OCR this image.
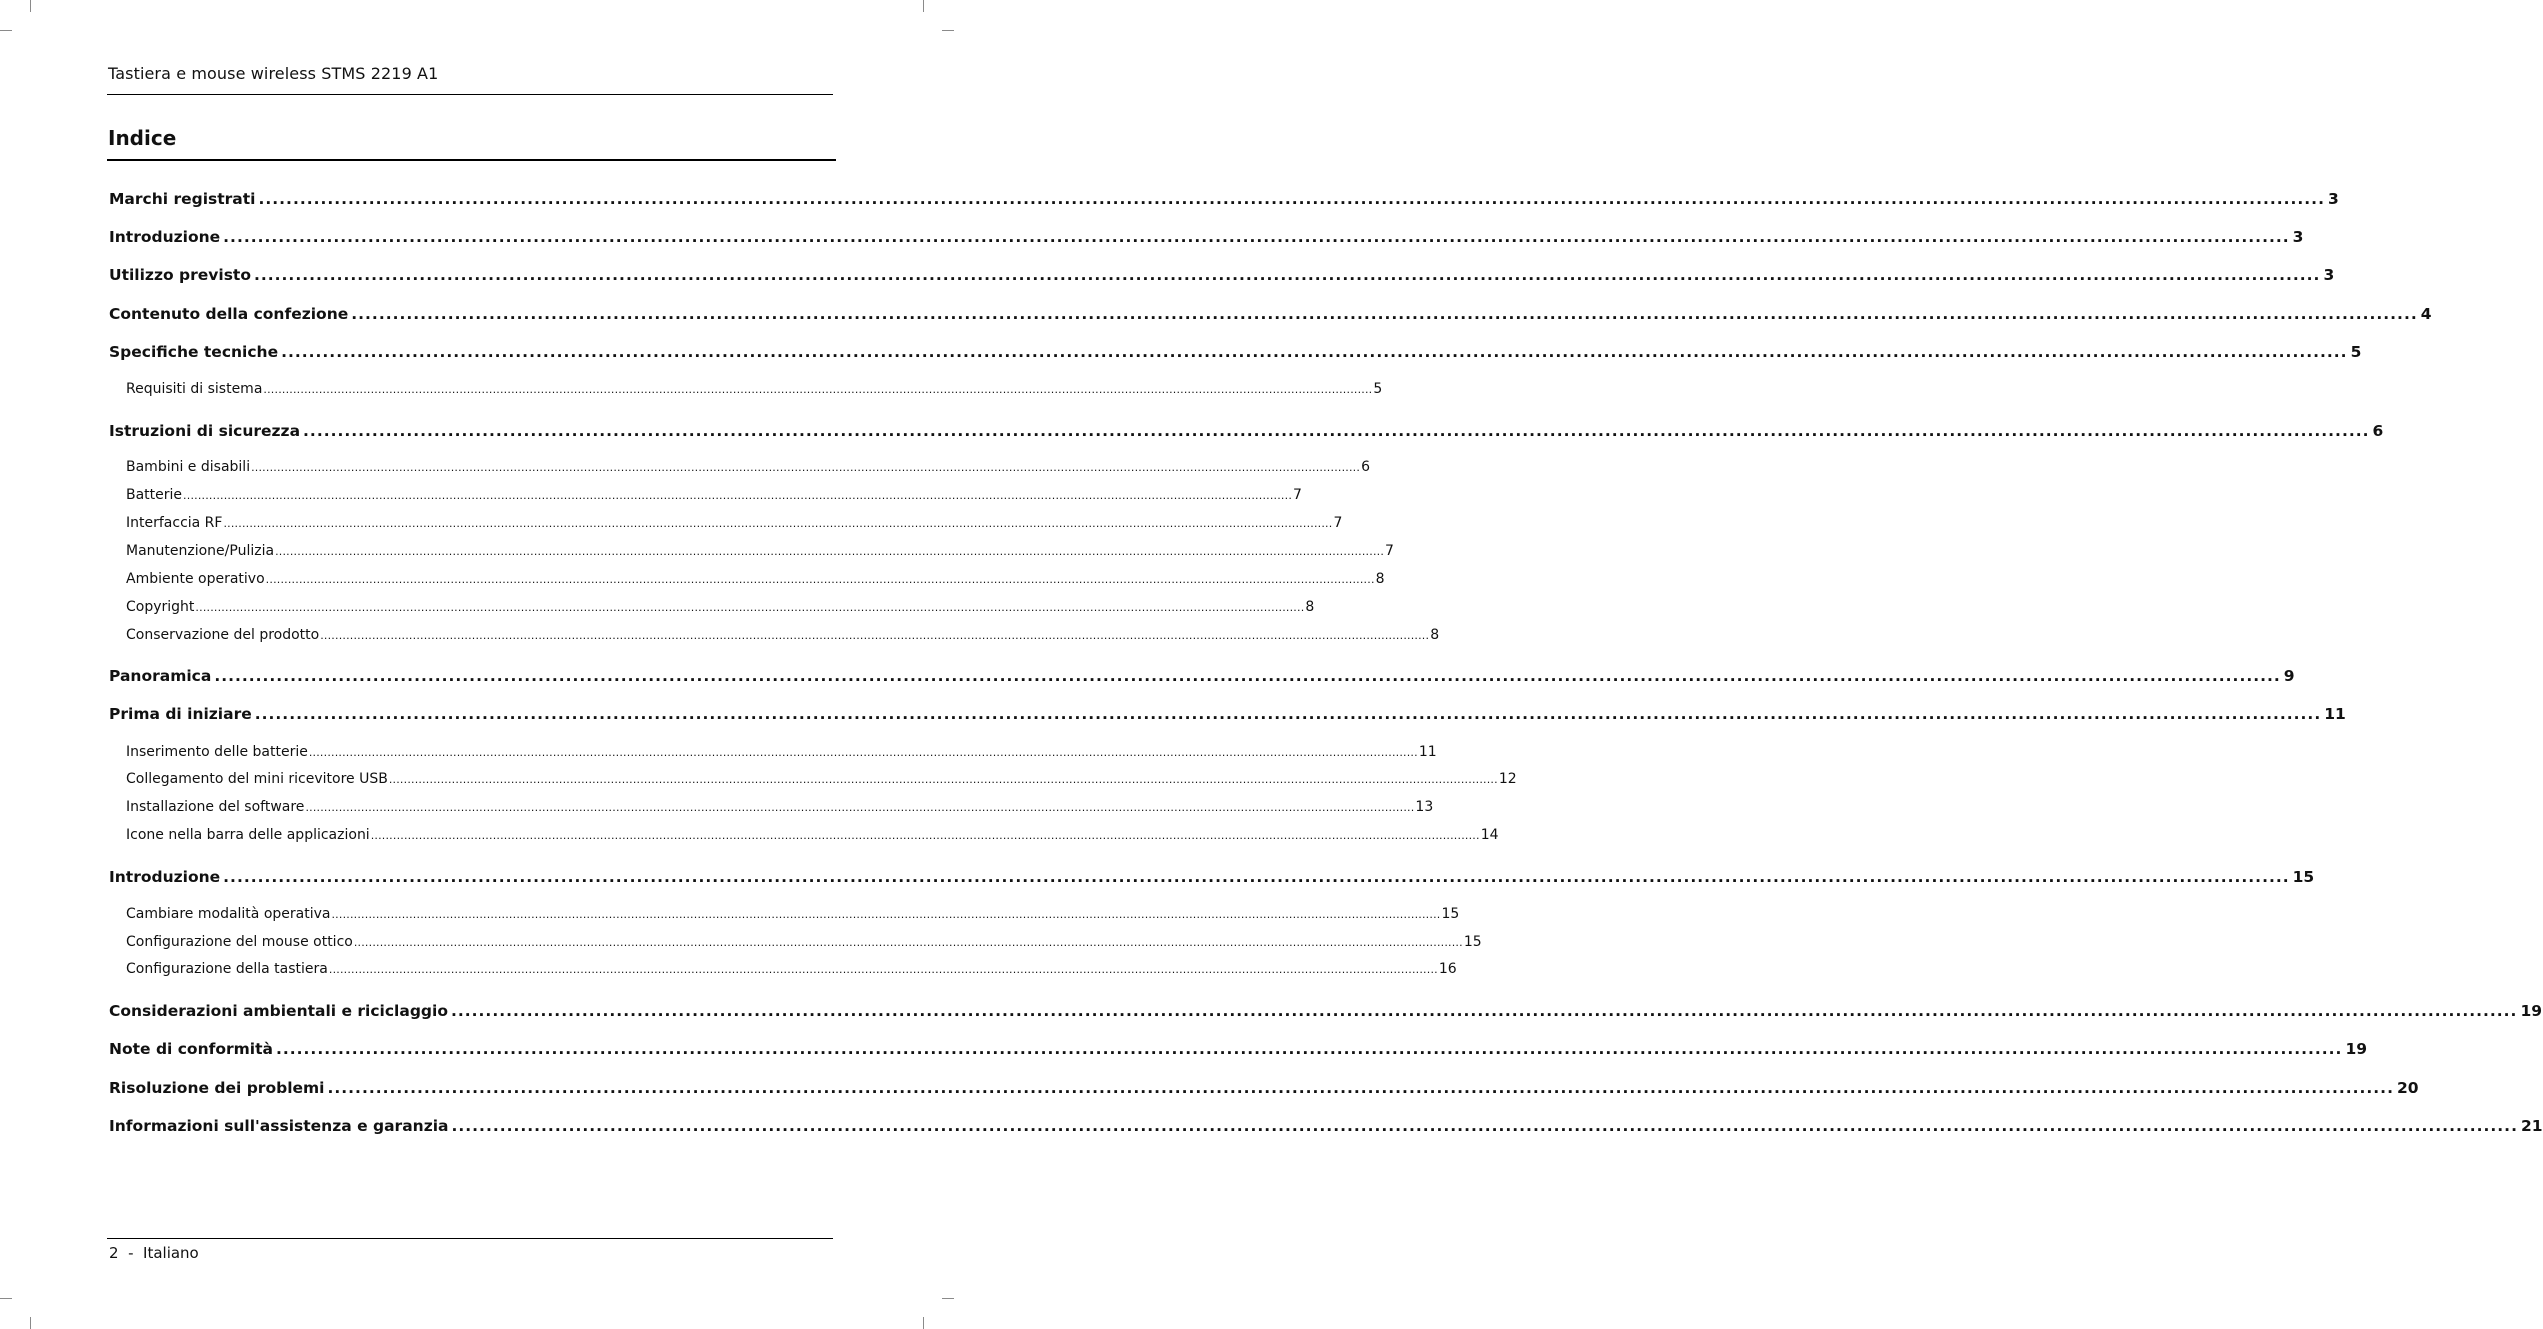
Tastiera e mouse wireless STMS 2219 A1
Indice

Marchi registrati ............................................................................................................................................................................................................................................................................................................ 3

Introduzione ............................................................................................................................................................................................................................................................................................................ 3

Utilizzo previsto ............................................................................................................................................................................................................................................................................................................ 3

Contenuto della confezione ............................................................................................................................................................................................................................................................................................................ 4

Specifiche tecniche ............................................................................................................................................................................................................................................................................................................ 5

Requisiti di sistema ............................................................................................................................................................................................................................................................................................................ 5

Istruzioni di sicurezza ............................................................................................................................................................................................................................................................................................................ 6

Bambini e disabili ............................................................................................................................................................................................................................................................................................................ 6

Batterie ............................................................................................................................................................................................................................................................................................................ 7

Interfaccia RF ............................................................................................................................................................................................................................................................................................................ 7

Manutenzione/Pulizia ............................................................................................................................................................................................................................................................................................................ 7

Ambiente operativo ............................................................................................................................................................................................................................................................................................................ 8

Copyright ............................................................................................................................................................................................................................................................................................................ 8

Conservazione del prodotto ............................................................................................................................................................................................................................................................................................................ 8

Panoramica ............................................................................................................................................................................................................................................................................................................ 9

Prima di iniziare ............................................................................................................................................................................................................................................................................................................ 11

Inserimento delle batterie ............................................................................................................................................................................................................................................................................................................ 11

Collegamento del mini ricevitore USB ............................................................................................................................................................................................................................................................................................................ 12

Installazione del software ............................................................................................................................................................................................................................................................................................................ 13

Icone nella barra delle applicazioni ............................................................................................................................................................................................................................................................................................................ 14

Introduzione ............................................................................................................................................................................................................................................................................................................ 15

Cambiare modalità operativa ............................................................................................................................................................................................................................................................................................................ 15

Configurazione del mouse ottico ............................................................................................................................................................................................................................................................................................................ 15

Configurazione della tastiera ............................................................................................................................................................................................................................................................................................................ 16

Considerazioni ambientali e riciclaggio ............................................................................................................................................................................................................................................................................................................ 19

Note di conformità ............................................................................................................................................................................................................................................................................................................ 19

Risoluzione dei problemi ............................................................................................................................................................................................................................................................................................................ 20

Informazioni sull'assistenza e garanzia ............................................................................................................................................................................................................................................................................................................ 21

2  -  Italiano
